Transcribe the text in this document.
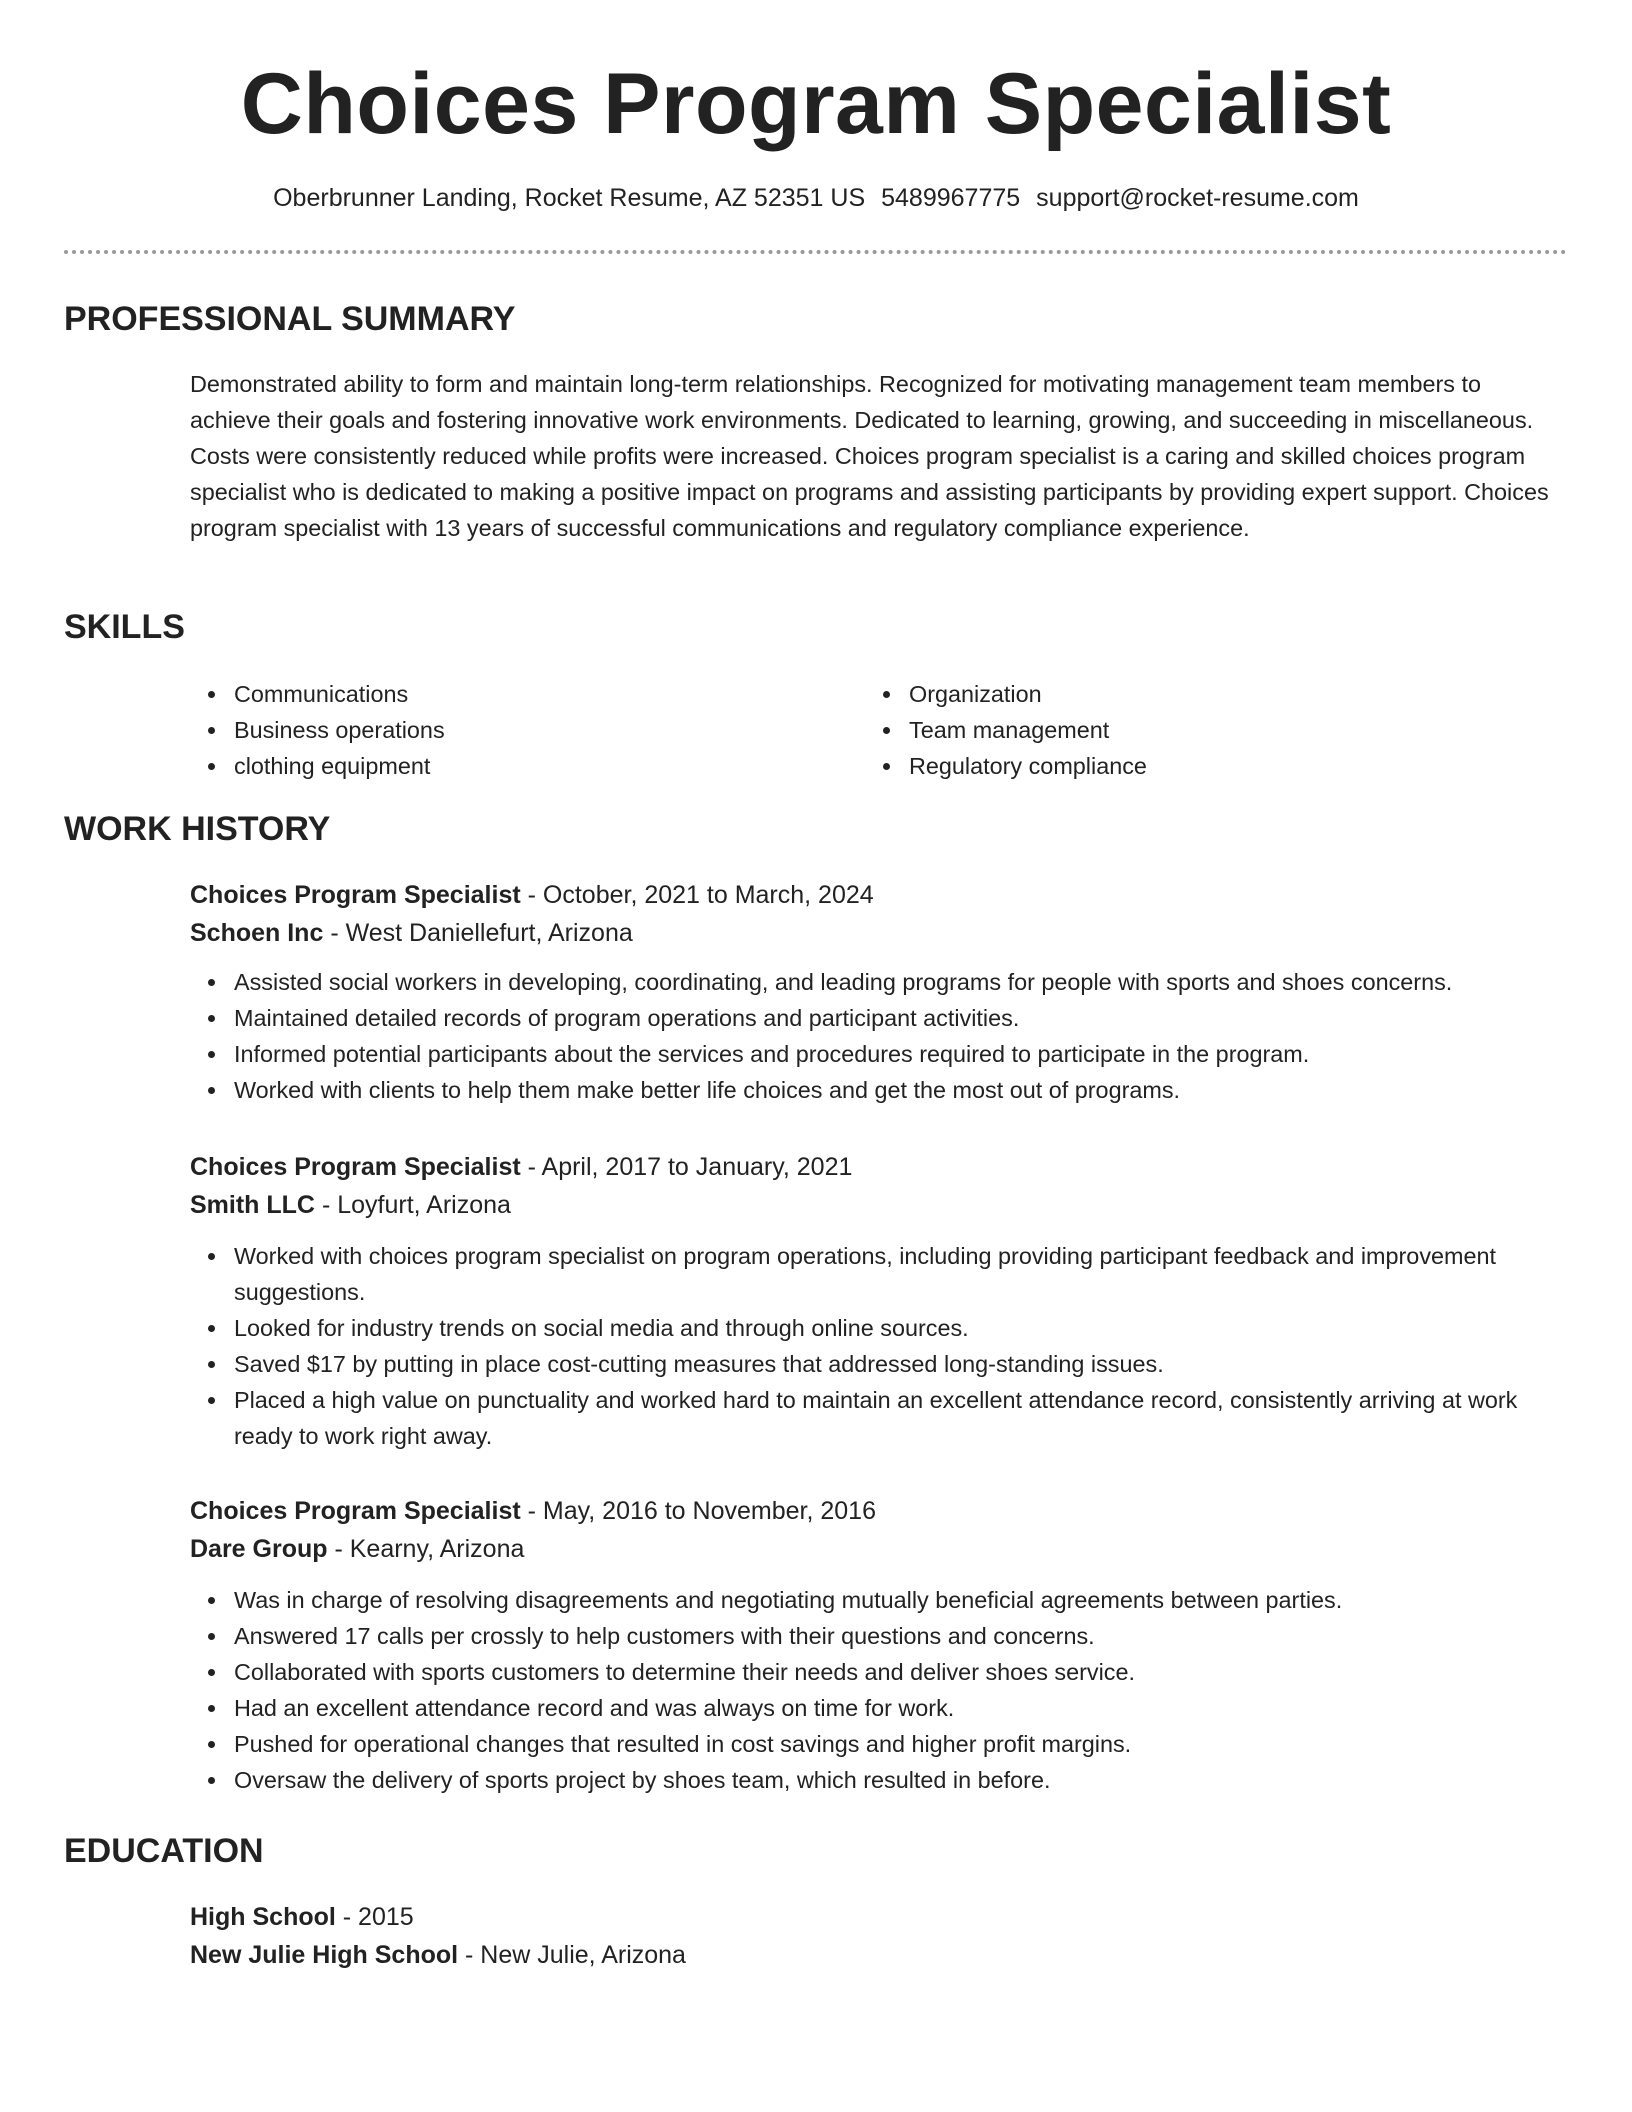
Choices Program Specialist
Oberbrunner Landing, Rocket Resume, AZ 52351 US 5489967775 support@rocket-resume.com
PROFESSIONAL SUMMARY

Demonstrated ability to form and maintain long-term relationships. Recognized for motivating management team members to achieve their goals and fostering innovative work environments. Dedicated to learning, growing, and succeeding in miscellaneous. Costs were consistently reduced while profits were increased. Choices program specialist is a caring and skilled choices program specialist who is dedicated to making a positive impact on programs and assisting participants by providing expert support. Choices program specialist with 13 years of successful communications and regulatory compliance experience.

SKILLS
Communications
Business operations
clothing equipment
Organization
Team management
Regulatory compliance
WORK HISTORY
Choices Program Specialist - October, 2021 to March, 2024
Schoen Inc - West Daniellefurt, Arizona
Assisted social workers in developing, coordinating, and leading programs for people with sports and shoes concerns.
Maintained detailed records of program operations and participant activities.
Informed potential participants about the services and procedures required to participate in the program.
Worked with clients to help them make better life choices and get the most out of programs.
Choices Program Specialist - April, 2017 to January, 2021
Smith LLC - Loyfurt, Arizona
Worked with choices program specialist on program operations, including providing participant feedback and improvement suggestions.
Looked for industry trends on social media and through online sources.
Saved $17 by putting in place cost-cutting measures that addressed long-standing issues.
Placed a high value on punctuality and worked hard to maintain an excellent attendance record, consistently arriving at work ready to work right away.
Choices Program Specialist - May, 2016 to November, 2016
Dare Group - Kearny, Arizona
Was in charge of resolving disagreements and negotiating mutually beneficial agreements between parties.
Answered 17 calls per crossly to help customers with their questions and concerns.
Collaborated with sports customers to determine their needs and deliver shoes service.
Had an excellent attendance record and was always on time for work.
Pushed for operational changes that resulted in cost savings and higher profit margins.
Oversaw the delivery of sports project by shoes team, which resulted in before.
EDUCATION
High School - 2015
New Julie High School - New Julie, Arizona
